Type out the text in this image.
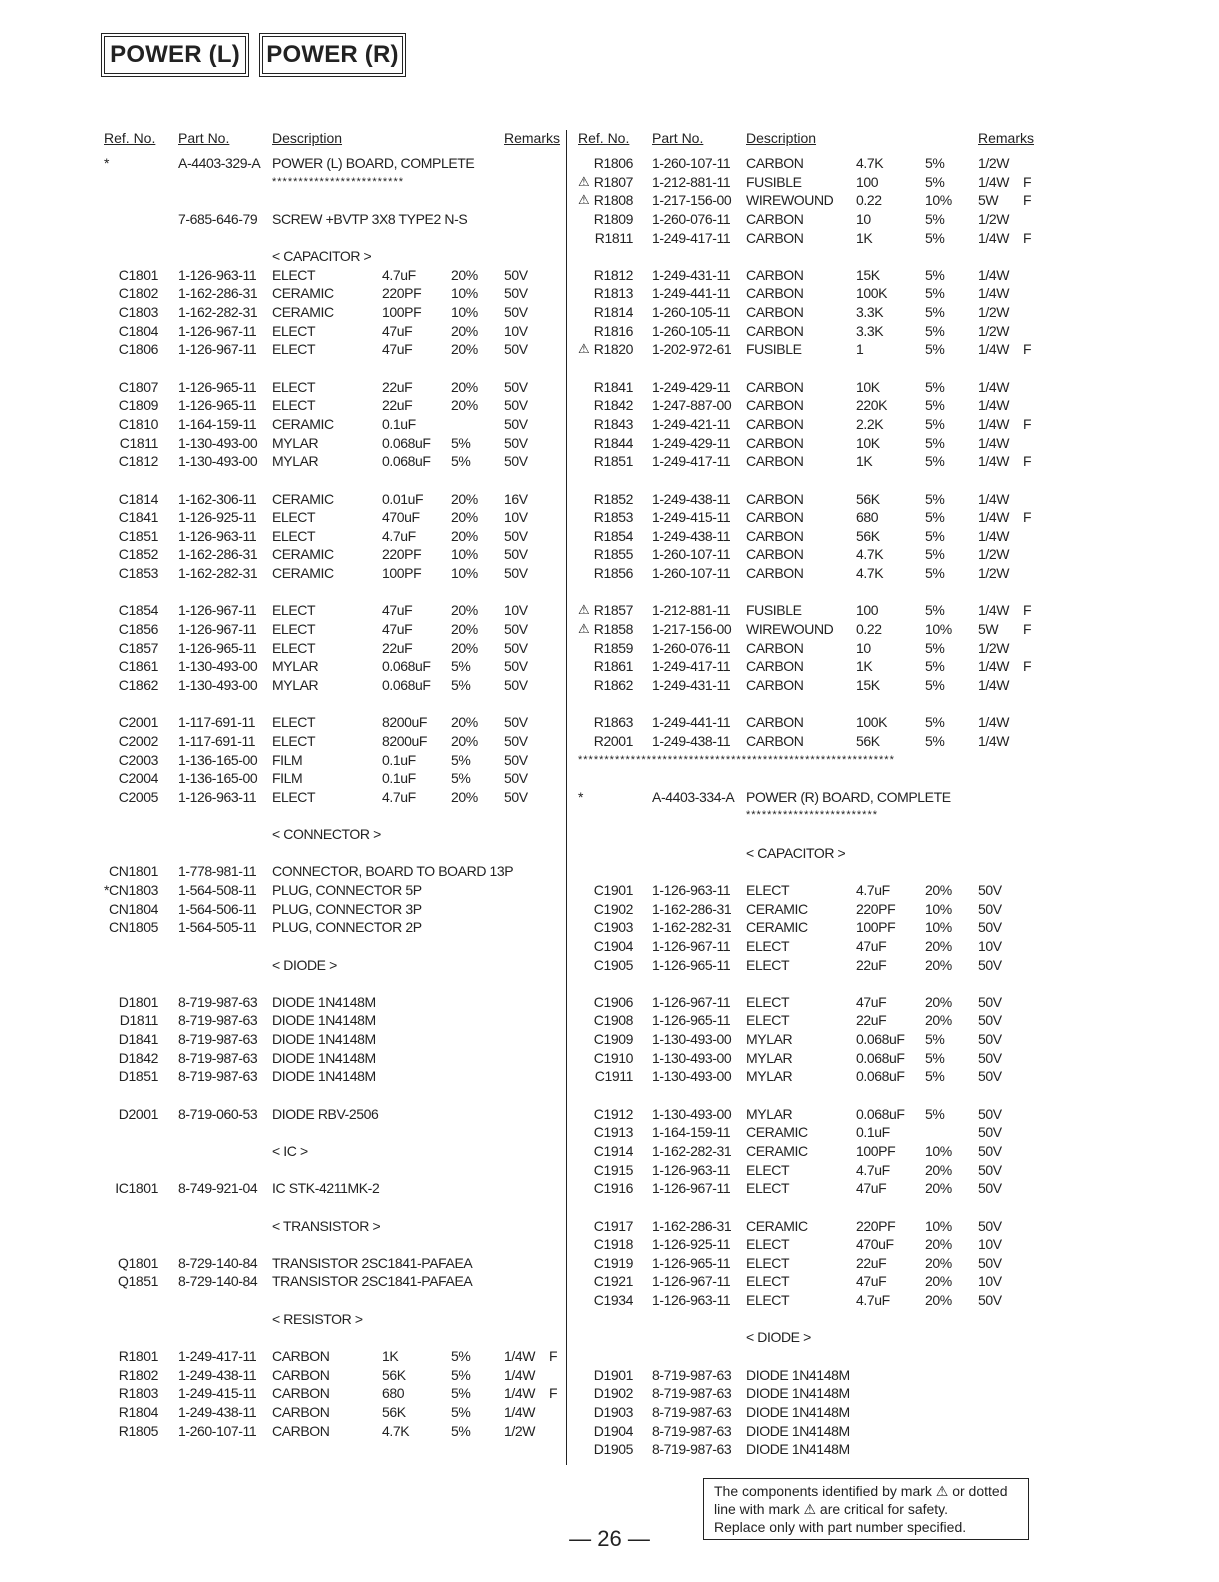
POWER (L) POWER (R)
Ref. No. Part No.	Description	Remarks
*	A-4403-329-A POWER (L) BOARD, COMPLETE
*************************
7-685-646-79 SCREW +BVTP 3X8 TYPE2 N-S
< CAPACITOR >
C1801 1-126-963-11 ELECT	4.7uF	20% 50V
C1802 1-162-286-31 CERAMIC	220PF 10% 50V
C1803 1-162-282-31 CERAMIC	100PF 10% 50V
C1804 1-126-967-11 ELECT	47uF	20% 10V
C1806 1-126-967-11 ELECT	47uF	20% 50V
C1807 1-126-965-11 ELECT	22uF	20% 50V
C1809 1-126-965-11 ELECT	22uF	20% 50V
C1810 1-164-159-11 CERAMIC	0.1uF	50V
C1811 1-130-493-00 MYLAR	0.068uF 5% 50V
C1812 1-130-493-00 MYLAR	0.068uF 5% 50V
C1814 1-162-306-11 CERAMIC	0.01uF 20% 16V
C1841 1-126-925-11 ELECT	470uF 20% 10V
C1851 1-126-963-11 ELECT	4.7uF	20% 50V
C1852 1-162-286-31 CERAMIC	220PF 10% 50V
C1853 1-162-282-31 CERAMIC	100PF 10% 50V
C1854 1-126-967-11 ELECT	47uF	20% 10V
C1856 1-126-967-11 ELECT	47uF	20% 50V
C1857 1-126-965-11 ELECT	22uF	20% 50V
C1861 1-130-493-00 MYLAR	0.068uF 5% 50V
C1862 1-130-493-00 MYLAR	0.068uF 5% 50V
C2001 1-117-691-11 ELECT	8200uF 20% 50V
C2002 1-117-691-11 ELECT	8200uF 20% 50V
C2003 1-136-165-00 FILM	0.1uF	5% 50V
C2004 1-136-165-00 FILM	0.1uF	5% 50V
C2005 1-126-963-11 ELECT	4.7uF	20% 50V
< CONNECTOR >
CN1801 1-778-981-11 CONNECTOR, BOARD TO BOARD 13P
* CN1803 1-564-508-11 PLUG, CONNECTOR 5P
CN1804 1-564-506-11 PLUG, CONNECTOR 3P
CN1805 1-564-505-11 PLUG, CONNECTOR 2P
< DIODE >
D1801 8-719-987-63 DIODE 1N4148M
D1811 8-719-987-63 DIODE 1N4148M
D1841 8-719-987-63 DIODE 1N4148M
D1842 8-719-987-63 DIODE 1N4148M
D1851 8-719-987-63 DIODE 1N4148M
D2001 8-719-060-53 DIODE RBV-2506
< IC >
IC1801 8-749-921-04 IC STK-4211MK-2
< TRANSISTOR >
Q1801 8-729-140-84 TRANSISTOR 2SC1841-PAFAEA
Q1851 8-729-140-84 TRANSISTOR 2SC1841-PAFAEA
< RESISTOR >
R1801 1-249-417-11 CARBON	1K	5% 1/4W F
R1802 1-249-438-11 CARBON	56K	5% 1/4W
R1803 1-249-415-11 CARBON	680	5% 1/4W F
R1804 1-249-438-11 CARBON	56K	5% 1/4W
R1805 1-260-107-11 CARBON	4.7K	5% 1/2W
Ref. No. Part No.	Description	Remarks
R1806 1-260-107-11 CARBON	4.7K	5% 1/2W
⚠ R1807 1-212-881-11 FUSIBLE	100	5% 1/4W F
⚠ R1808 1-217-156-00 WIREWOUND 0.22	10% 5W F
R1809 1-260-076-11 CARBON	10	5% 1/2W
R1811 1-249-417-11 CARBON	1K	5% 1/4W F
R1812 1-249-431-11 CARBON	15K	5% 1/4W
R1813 1-249-441-11 CARBON	100K	5% 1/4W
R1814 1-260-105-11 CARBON	3.3K	5% 1/2W
R1816 1-260-105-11 CARBON	3.3K	5% 1/2W
⚠ R1820 1-202-972-61 FUSIBLE	1	5% 1/4W F
R1841 1-249-429-11 CARBON	10K	5% 1/4W
R1842 1-247-887-00 CARBON	220K	5% 1/4W
R1843 1-249-421-11 CARBON	2.2K	5% 1/4W F
R1844 1-249-429-11 CARBON	10K	5% 1/4W
R1851 1-249-417-11 CARBON	1K	5% 1/4W F
R1852 1-249-438-11 CARBON	56K	5% 1/4W
R1853 1-249-415-11 CARBON	680	5% 1/4W F
R1854 1-249-438-11 CARBON	56K	5% 1/4W
R1855 1-260-107-11 CARBON	4.7K	5% 1/2W
R1856 1-260-107-11 CARBON	4.7K	5% 1/2W
⚠ R1857 1-212-881-11 FUSIBLE	100	5% 1/4W F
⚠ R1858 1-217-156-00 WIREWOUND 0.22	10% 5W F
R1859 1-260-076-11 CARBON	10	5% 1/2W
R1861 1-249-417-11 CARBON	1K	5% 1/4W F
R1862 1-249-431-11 CARBON	15K	5% 1/4W
R1863 1-249-441-11 CARBON	100K	5% 1/4W
R2001 1-249-438-11 CARBON	56K	5% 1/4W
************************************************************
*	A-4403-334-A POWER (R) BOARD, COMPLETE
*************************
< CAPACITOR >
C1901 1-126-963-11 ELECT	4.7uF	20% 50V
C1902 1-162-286-31 CERAMIC	220PF 10% 50V
C1903 1-162-282-31 CERAMIC	100PF 10% 50V
C1904 1-126-967-11 ELECT	47uF	20% 10V
C1905 1-126-965-11 ELECT	22uF	20% 50V
C1906 1-126-967-11 ELECT	47uF	20% 50V
C1908 1-126-965-11 ELECT	22uF	20% 50V
C1909 1-130-493-00 MYLAR	0.068uF 5% 50V
C1910 1-130-493-00 MYLAR	0.068uF 5% 50V
C1911 1-130-493-00 MYLAR	0.068uF 5% 50V
C1912 1-130-493-00 MYLAR	0.068uF 5% 50V
C1913 1-164-159-11 CERAMIC	0.1uF	50V
C1914 1-162-282-31 CERAMIC	100PF 10% 50V
C1915 1-126-963-11 ELECT	4.7uF	20% 50V
C1916 1-126-967-11 ELECT	47uF	20% 50V
C1917 1-162-286-31 CERAMIC	220PF 10% 50V
C1918 1-126-925-11 ELECT	470uF 20% 10V
C1919 1-126-965-11 ELECT	22uF	20% 50V
C1921 1-126-967-11 ELECT	47uF	20% 10V
C1934 1-126-963-11 ELECT	4.7uF	20% 50V
< DIODE >
D1901 8-719-987-63 DIODE 1N4148M
D1902 8-719-987-63 DIODE 1N4148M
D1903 8-719-987-63 DIODE 1N4148M
D1904 8-719-987-63 DIODE 1N4148M
D1905 8-719-987-63 DIODE 1N4148M
The components identified by mark ⚠ or dotted
line with mark ⚠ are critical for safety.
Replace only with part number specified.
— 26 —
